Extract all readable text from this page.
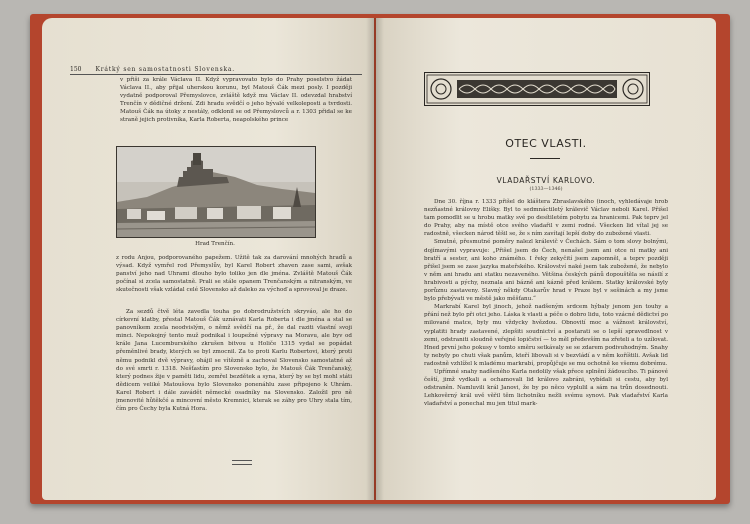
150 Krátký sen samostatnosti Slovenska.

v přiši za krále Václava II. Když vypravovato bylo do Prahy poselstvo žádat Václava II., aby přijal uherskou korunu, byl Matouš Čák mezi posly. I později vydatně podporoval Přemyslovce, zvláště když mu Václav II. odevzdal hrabství Trenčín v dědičné držení. Zdi hradu svědčí o jeho bývalé velkoleposti a tvrdosti. Matouš Čák na útoky z nestály, odklonil se od Přemyslovců a r. 1303 přidal se ke straně jejich protivníka, Karla Roberta, neapolského prince

Hrad Trenčín.

z rodu Anjou, podporovaného papežem. Užitě tak za darování mnohých hradů a výsad. Když vymřel rod Přemyslův, byl Karel Robert zhaven zase sami, avšak panství jeho nad Uhrami dlouho bylo toliko jen dle jména. Zvláště Matouš Čák počínal si zcela samostatně. Prali se stále opanem Trenčanským a nitranským, ve skutečnosti však vzládal celé Slovensko až daleko za výchoď a sprovoval je draze.

Za sezdů čtvě léta zavedla touha po dobrodružstvích skryváo, ale ho do církevní klatby, přestal Matouš Čák uznávati Karla Roberta i dle jména a stal se panovníkem zcela neodvislým, o němž svědčí na př., že dal raziti vlastní svoji minci. Nepokojný tento muž podnikal i loupežné výpravy na Moravu, ale byv od krále Jana Lucemburského zkrušen bitvou u Holiče 1315 vydal se popádat přeměnlivé brady, kterých se byl zmocnil. Za to proti Karlu Robertovi, který proti němu podnikl dvě výpravy, ohájil se vítězně a zachoval Slovensko samostatné až do své smrti r. 1318. Nešťastím pro Slovensko bylo, že Matouš Čák Trenčanský, který podnes žije v paměti lidu, zemřel bezdětek a syna, který by se byl mohl státi dědicem veliké Matoušova bylo Slovensko ponenáhlu zase připojeno k Uhrám. Karel Robert i dále zavádět německé osadníky na Slovensko. Založil pro ně jmenovité hůtěkčé a mincovní město Kremnici, kterak se záhy pro Uhry stala tím, čím pro Čechy byla Kutná Hora.

OTEC VLASTI.
VLADAŘSTVÍ KARLOVO.
(1333—1346)

Dne 30. října r. 1333 přišel do kláštera Zbraslavského (inoch, vyhledávaje hrob nezňastné královny Elišky. Byl to sedmnáctiletý králevič Václav neboli Karel. Přišel tam pomodlit se u hrobu matky své po desítiletém pobytu za hranicemi. Pak teprv jel do Prahy, aby na místě otce svého vladařil v zemi rodné. Všecken lid vítal jej se radostně, všecken národ těšil se, že s ním zavítají lepší doby do zubožené vlasti.

Smutné, přesmutné poměry nalezl králevič v Čechách. Sám o tom slovy bolnými, dojímavými vypravuje: „Přišel jsem do Čech, nenašel jsem ani otce ni matky ani bratří a sester, ani koho známého. I řeky zekyčití jsem zapomněl, a teprv později přišel jsem se zase jazyka mateřského. Království naké jsem tak zubožené, že nebylo v něm ani hradu ani statku nezaveného. Většina českých pánů dopouštěla se násilí z hrabivosti a pýchy, neznala ani bázně ani kázně před králem. Statky královské byly porůznu zastaveny. Slavný někdy Otakarův hrad v Praze byl v sešinách a my jsme bylo přebývati ve městě jako měšťanu.“

Markrabí Karel byl jinoch, jehož nadšeným srdcem hýbaly jenom jen touhy a přání než bylo při otci jeho. Láska k vlasti a péče o dobro lidu, toto vzácné dědictví po milované matce, byly mu vždycky hvězdou. Obnovití moc a vážnost království, vyplatiti hrady zastavené, zlepšiti soudnictví a postarati se o lepší spravedlnost v zemi, odstraniti sloudně veřejné lopičství — to měl především na zřeteli a to uzílovat. Hned první jeho pokusy v tomto směru setkávaly se se zdarem podivuhodným. Snahy ty nebyly po chuti však panům, kteří libovali si v bezvládí a v něm koříštili. Avšak lid radostně vzhlížel k mladému markrabí, propůjčuje se mu ochotně ke všemu dobrému.

Upřímné snahy nadšeného Karla nedolily však přece splnění žádoucího. Ti pánové čeští, jimž vydkali a ochamovali lid královo zabráni, vybídali si cestu, aby byl odstraněn. Namluvili král Janovi, že by po něco vyplulil a sám na trůn dosednouti. Lehkověrný král uvě věřil těm lichotníku nežli svému synovi. Pak vladařství Karla vladařství a ponechal mu jen titul mark-
